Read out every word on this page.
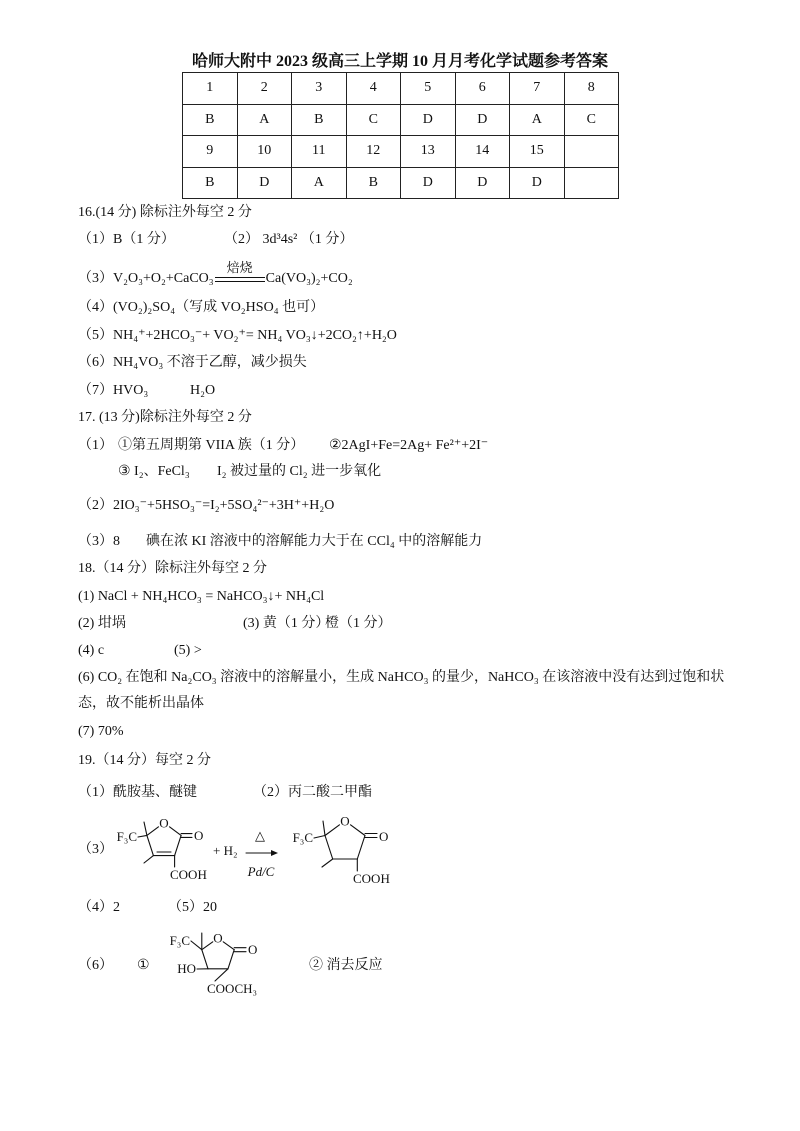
哈师大附中 2023 级高三上学期 10 月月考化学试题参考答案
1	2	3	4	5	6	7	8
B	A	B	C	D	D	A	C
9	10	11	12	13	14	15	
B	D	A	B	D	D	D	
16.(14 分) 除标注外每空 2 分
（1）B（1 分）	（2） 3d³4s² （1 分）
（3）V₂O₃+O₂+CaCO₃
焙烧
Ca(VO₃)₂+CO₂
（4）(VO₂)₂SO₄（写成 VO₂HSO₄ 也可）
（5）NH₄⁺+2HCO₃⁻+ VO₂⁺= NH₄ VO₃↓+2CO₂↑+H₂O
（6）NH₄VO₃ 不溶于乙醇，减少损失
（7）HVO₃	H₂O
17. (13 分)除标注外每空 2 分
（1） ①第五周期第 VIIA 族（1 分） ②2AgI+Fe=2Ag+ Fe²⁺+2I⁻
③ I₂、FeCl₃ I₂ 被过量的 Cl₂ 进一步氧化
（2）2IO₃⁻+5HSO₃⁻=I₂+5SO₄²⁻+3H⁺+H₂O
（3）8 碘在浓 KI 溶液中的溶解能力大于在 CCl₄ 中的溶解能力
18.（14 分）除标注外每空 2 分
(1) NaCl + NH₄HCO₃ = NaHCO₃↓+ NH₄Cl
(2) 坩埚	(3) 黄（1 分）
橙（1 分）
(4) c	(5) >
(6) CO₂ 在饱和 Na₂CO₃ 溶液中的溶解量小，生成 NaHCO₃ 的量少，NaHCO₃ 在该溶液中没有达到过饱和状
态，故不能析出晶体
(7) 70%
19.（14 分）每空 2 分
（1）酰胺基、醚键	（2）丙二酸二甲酯
（3）
F₃C
O
O
COOH
+ H₂
△
Pd/C
F₃C
O
O
COOH
（4）2	（5）20
（6） ①
F₃C O
O
HO
COOCH₃
② 消去反应
